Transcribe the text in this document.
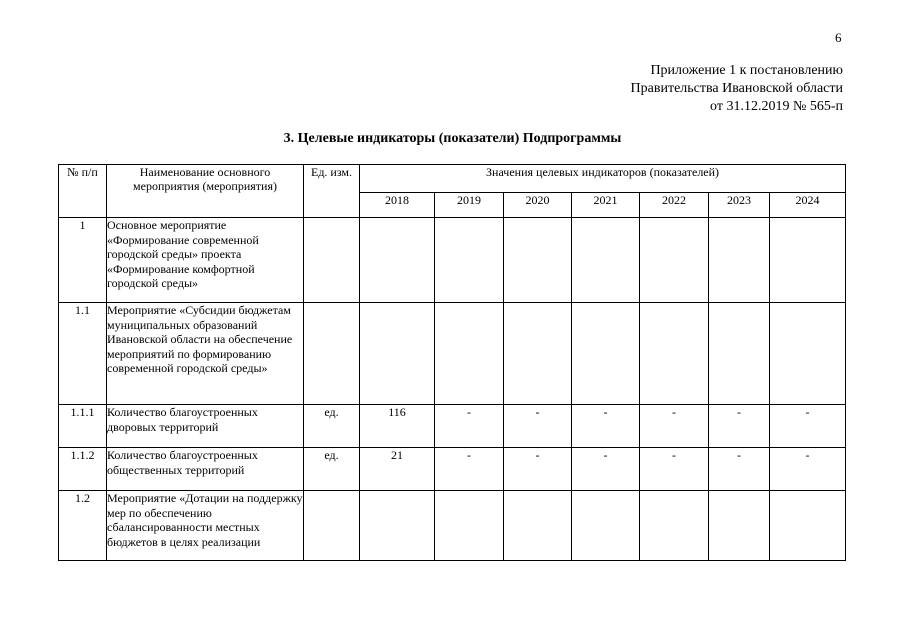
6
Приложение 1 к постановлению
Правительства Ивановской области
от 31.12.2019 № 565-п
3. Целевые индикаторы (показатели) Подпрограммы
№ п/п	Наименование основного мероприятия (мероприятия)	Ед. изм.	Значения целевых индикаторов (показателей)						
			2018	2019	2020	2021	2022	2023	2024
1	Основное мероприятие «Формирование современной городской среды» проекта «Формирование комфортной городской среды»								
1.1	Мероприятие «Субсидии бюджетам муниципальных образований Ивановской области на обеспечение мероприятий по формированию современной городской среды»								
1.1.1	Количество благоустроенных дворовых территорий	ед.	116	-	-	-	-	-	-
1.1.2	Количество благоустроенных общественных территорий	ед.	21	-	-	-	-	-	-
1.2	Мероприятие «Дотации на поддержку мер по обеспечению сбалансированности местных бюджетов в целях реализации								
